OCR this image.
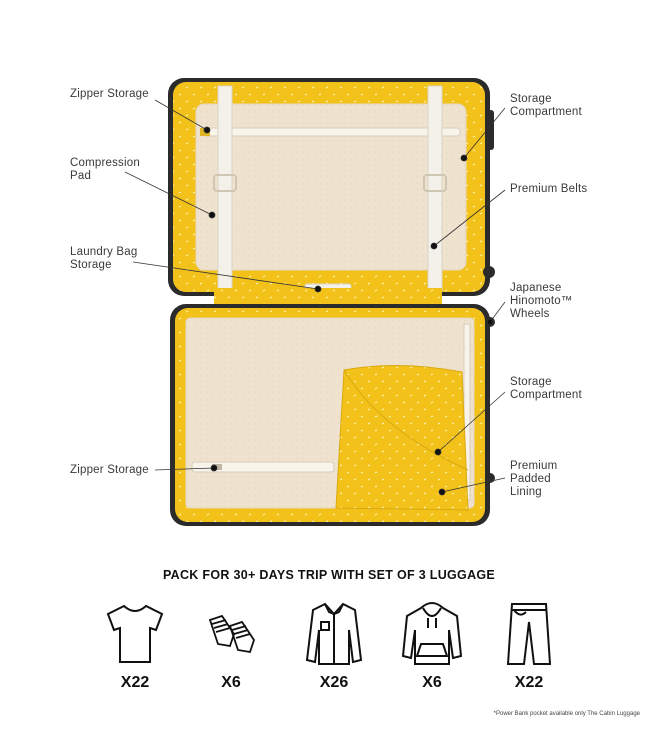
Zipper Storage
Compression
Pad
Laundry Bag
Storage
Zipper Storage
Storage
Compartment
Premium Belts
Japanese
Hinomoto™
Wheels
Storage
Compartment
Premium
Padded
Lining
PACK FOR 30+ DAYS TRIP WITH SET OF 3 LUGGAGE
X22	X6	X26	X6	X22
*Power Bank pocket available only The Cabin Luggage
